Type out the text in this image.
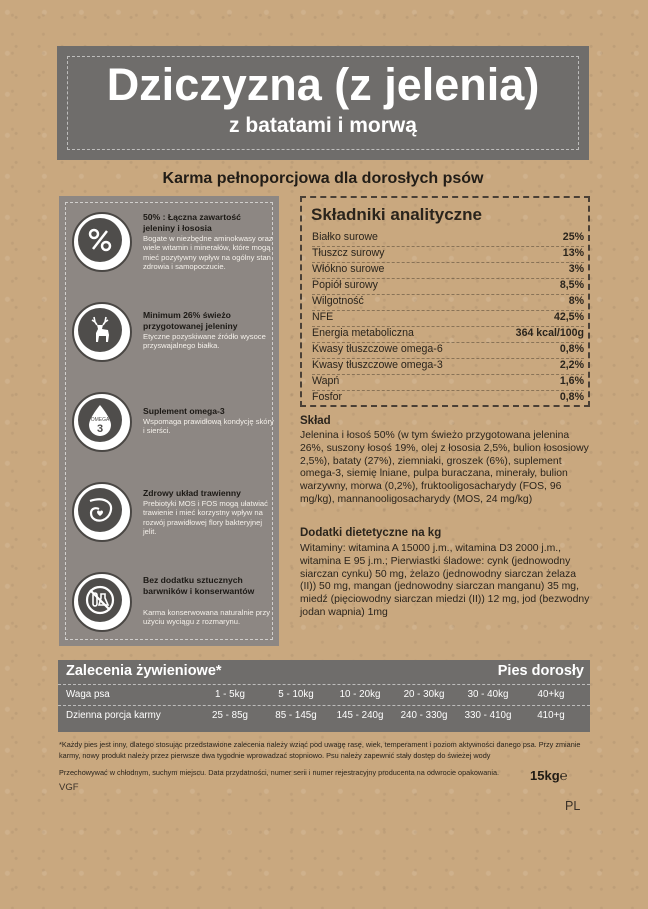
Dziczyzna (z jelenia)
z batatami i morwą
Karma pełnoporcjowa dla dorosłych psów
50% : Łączna zawartość jeleniny i łososia
Bogate w niezbędne aminokwasy oraz wiele witamin i minerałów, które mogą mieć pozytywny wpływ na ogólny stan zdrowia i samopoczucie.
Minimum 26% świeżo przygotowanej jeleniny
Etyczne pozyskiwane źródło wysoce przyswajalnego białka.
OMEGA
3
Suplement omega-3
Wspomaga prawidłową kondycję skóry i sierści.
Zdrowy układ trawienny
Prebiotyki MOS i FOS mogą ułatwiać trawienie i mieć korzystny wpływ na rozwój prawidłowej flory bakteryjnej jelit.
Bez dodatku sztucznych barwników i konserwantów
Karma konserwowana naturalnie przy użyciu wyciągu z rozmarynu.
Składniki analityczne
Białko surowe	25%
Tłuszcz surowy	13%
Włókno surowe	3%
Popiół surowy	8,5%
Wilgotność	8%
NFE	42,5%
Energia metaboliczna	364 kcal/100g
Kwasy tłuszczowe omega-6	0,8%
Kwasy tłuszczowe omega-3	2,2%
Wapń	1,6%
Fosfor	0,8%
Skład
Jelenina i łosoś 50% (w tym świeżo przygotowana jelenina 26%, suszony łosoś 19%, olej z łososia 2,5%, bulion łososiowy 2,5%), bataty (27%), ziemniaki, groszek (6%), suplement omega-3, siemię lniane, pulpa buraczana, minerały, bulion warzywny, morwa (0,2%), fruktooligosacharydy (FOS, 96 mg/kg), mannanooligosacharydy (MOS, 24 mg/kg)
Dodatki dietetyczne na kg
Witaminy: witamina A 15000 j.m., witamina D3 2000 j.m., witamina E 95 j.m.; Pierwiastki śladowe: cynk (jednowodny siarczan cynku) 50 mg, żelazo (jednowodny siarczan żelaza (II)) 50 mg, mangan (jednowodny siarczan manganu) 35 mg, miedź (pięciowodny siarczan miedzi (II)) 12 mg, jod (bezwodny jodan wapnia) 1mg
Zalecenia żywieniowe*	Pies dorosły
Waga psa	1 - 5kg	5 - 10kg	10 - 20kg	20 - 30kg	30 - 40kg	40+kg
Dzienna porcja karmy	25 - 85g	85 - 145g	145 - 240g	240 - 330g	330 - 410g	410+g
*Każdy pies jest inny, dlatego stosując przedstawione zalecenia należy wziąć pod uwagę rasę, wiek, temperament i poziom aktywności danego psa. Przy zmianie karmy, nowy produkt należy przez pierwsze dwa tygodnie wprowadzać stopniowo. Psu należy zapewnić stały dostęp do świeżej wody
Przechowywać w chłodnym, suchym miejscu. Data przydatności, numer serii i numer rejestracyjny producenta na odwrocie opakowania.	15kg℮
VGF
PL
